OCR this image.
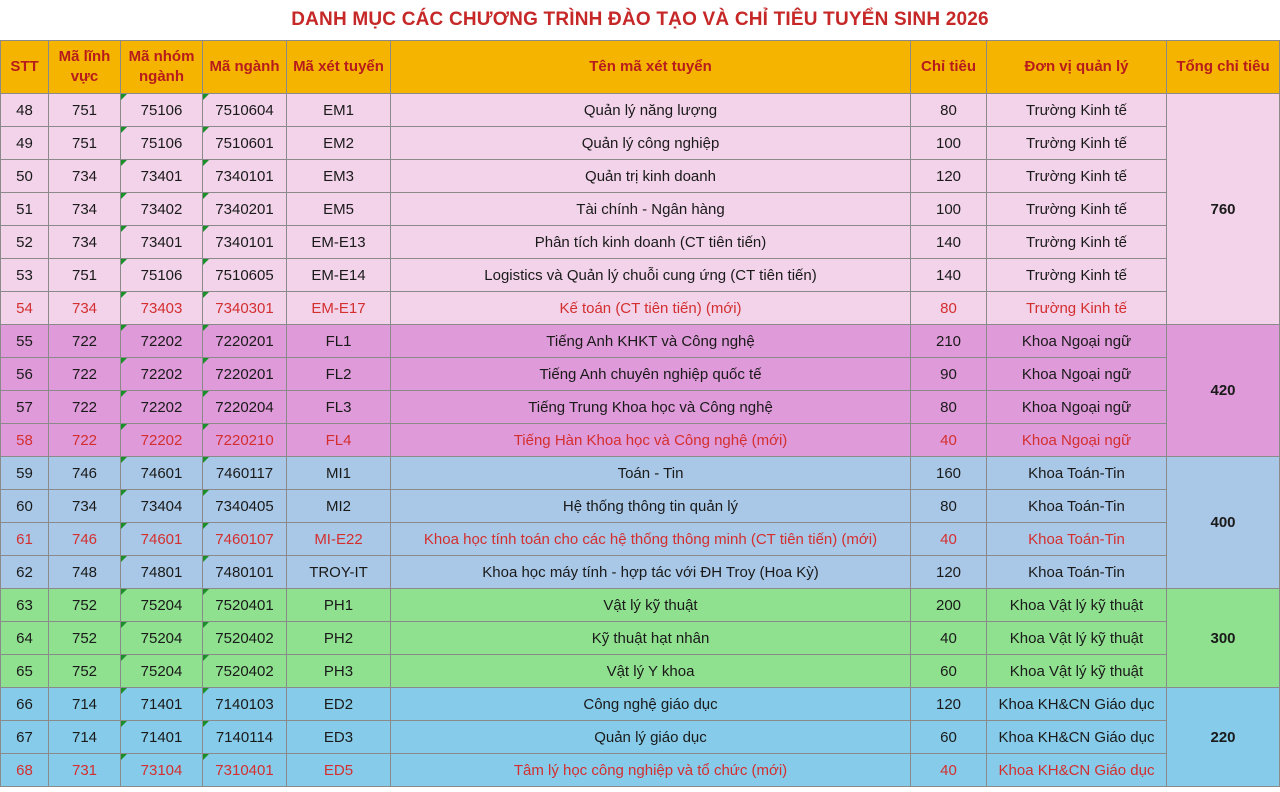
DANH MỤC CÁC CHƯƠNG TRÌNH ĐÀO TẠO VÀ CHỈ TIÊU TUYỂN SINH 2026
STT	Mã lĩnh vực	Mã nhóm ngành	Mã ngành	Mã xét tuyển	Tên mã xét tuyển	Chỉ tiêu	Đơn vị quản lý	Tổng chỉ tiêu
48	751	75106	7510604	EM1	Quản lý năng lượng	80	Trường Kinh tế	760
49	751	75106	7510601	EM2	Quản lý công nghiệp	100	Trường Kinh tế	
50	734	73401	7340101	EM3	Quản trị kinh doanh	120	Trường Kinh tế	
51	734	73402	7340201	EM5	Tài chính - Ngân hàng	100	Trường Kinh tế	
52	734	73401	7340101	EM-E13	Phân tích kinh doanh (CT tiên tiến)	140	Trường Kinh tế	
53	751	75106	7510605	EM-E14	Logistics và Quản lý chuỗi cung ứng (CT tiên tiến)	140	Trường Kinh tế	
54	734	73403	7340301	EM-E17	Kế toán (CT tiên tiến) (mới)	80	Trường Kinh tế	
55	722	72202	7220201	FL1	Tiếng Anh KHKT và Công nghệ	210	Khoa Ngoại ngữ	420
56	722	72202	7220201	FL2	Tiếng Anh chuyên nghiệp quốc tế	90	Khoa Ngoại ngữ	
57	722	72202	7220204	FL3	Tiếng Trung Khoa học và Công nghệ	80	Khoa Ngoại ngữ	
58	722	72202	7220210	FL4	Tiếng Hàn Khoa học và Công nghệ (mới)	40	Khoa Ngoại ngữ	
59	746	74601	7460117	MI1	Toán - Tin	160	Khoa Toán-Tin	400
60	734	73404	7340405	MI2	Hệ thống thông tin quản lý	80	Khoa Toán-Tin	
61	746	74601	7460107	MI-E22	Khoa học tính toán cho các hệ thống thông minh (CT tiên tiến) (mới)	40	Khoa Toán-Tin	
62	748	74801	7480101	TROY-IT	Khoa học máy tính - hợp tác với ĐH Troy (Hoa Kỳ)	120	Khoa Toán-Tin	
63	752	75204	7520401	PH1	Vật lý kỹ thuật	200	Khoa Vật lý kỹ thuật	300
64	752	75204	7520402	PH2	Kỹ thuật hạt nhân	40	Khoa Vật lý kỹ thuật	
65	752	75204	7520402	PH3	Vật lý Y khoa	60	Khoa Vật lý kỹ thuật	
66	714	71401	7140103	ED2	Công nghệ giáo dục	120	Khoa KH&CN Giáo dục	220
67	714	71401	7140114	ED3	Quản lý giáo dục	60	Khoa KH&CN Giáo dục	
68	731	73104	7310401	ED5	Tâm lý học công nghiệp và tổ chức (mới)	40	Khoa KH&CN Giáo dục	
